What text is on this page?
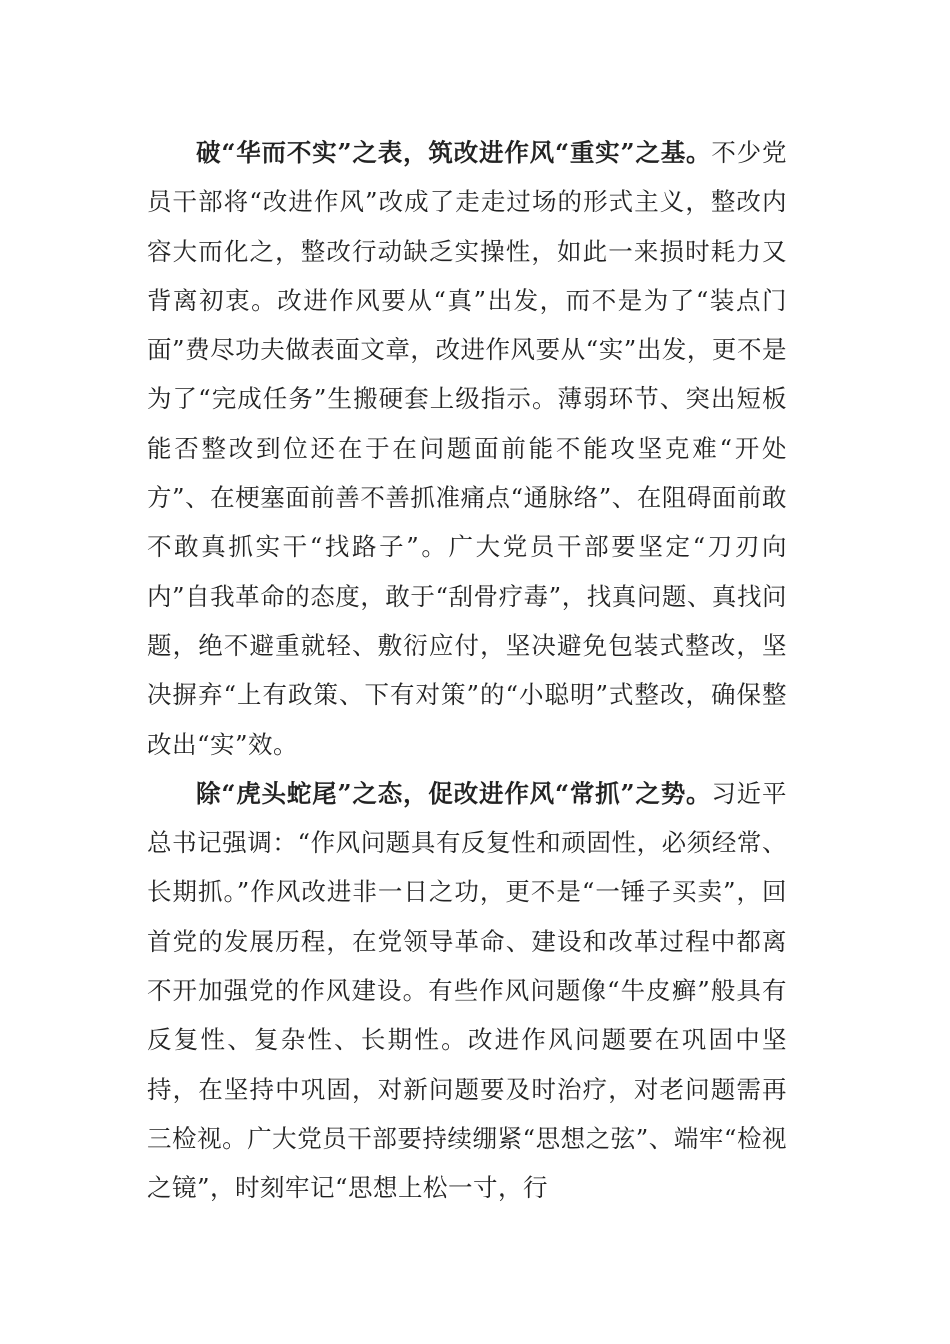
破“华而不实”之表，筑改进作风“重实”之基。不少党员干部将“改进作风”改成了走走过场的形式主义，整改内容大而化之，整改行动缺乏实操性，如此一来损时耗力又背离初衷。改进作风要从“真”出发，而不是为了“装点门面”费尽功夫做表面文章，改进作风要从“实”出发，更不是为了“完成任务”生搬硬套上级指示。薄弱环节、突出短板能否整改到位还在于在问题面前能不能攻坚克难“开处方”、在梗塞面前善不善抓准痛点“通脉络”、在阻碍面前敢不敢真抓实干“找路子”。广大党员干部要坚定“刀刃向内”自我革命的态度，敢于“刮骨疗毒”，找真问题、真找问题，绝不避重就轻、敷衍应付，坚决避免包装式整改，坚决摒弃“上有政策、下有对策”的“小聪明”式整改，确保整改出“实”效。

除“虎头蛇尾”之态，促改进作风“常抓”之势。习近平总书记强调：“作风问题具有反复性和顽固性，必须经常、长期抓。”作风改进非一日之功，更不是“一锤子买卖”，回首党的发展历程，在党领导革命、建设和改革过程中都离不开加强党的作风建设。有些作风问题像“牛皮癣”般具有反复性、复杂性、长期性。改进作风问题要在巩固中坚持，在坚持中巩固，对新问题要及时治疗，对老问题需再三检视。广大党员干部要持续绷紧“思想之弦”、端牢“检视之镜”，时刻牢记“思想上松一寸，行
